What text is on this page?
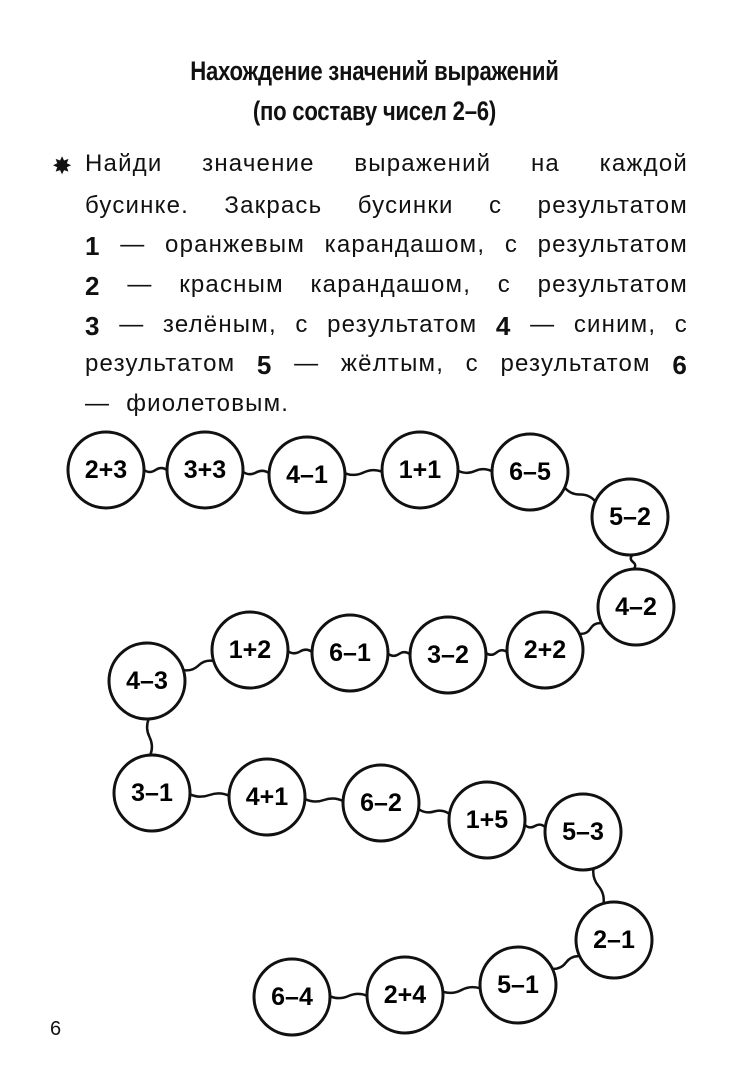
Нахождение значений выражений
(по составу чисел 2–6)
✸ Найди значение выражений на каждой
бусинке. Закрась бусинки с результатом
1 — оранжевым карандашом, с результатом
2 — красным карандашом, с результатом
3 — зелёным, с результатом 4 — синим, с
результатом 5 — жёлтым, с результатом 6
— фиолетовым.
2+3 3+3 4–1	1+1	6–5
5–2
4–2
2+2
3–2
6–1
1+2
4–3
3–1	4+1	6–2
1+5 5–3
2–1
5–1
2+4
6–4
6
